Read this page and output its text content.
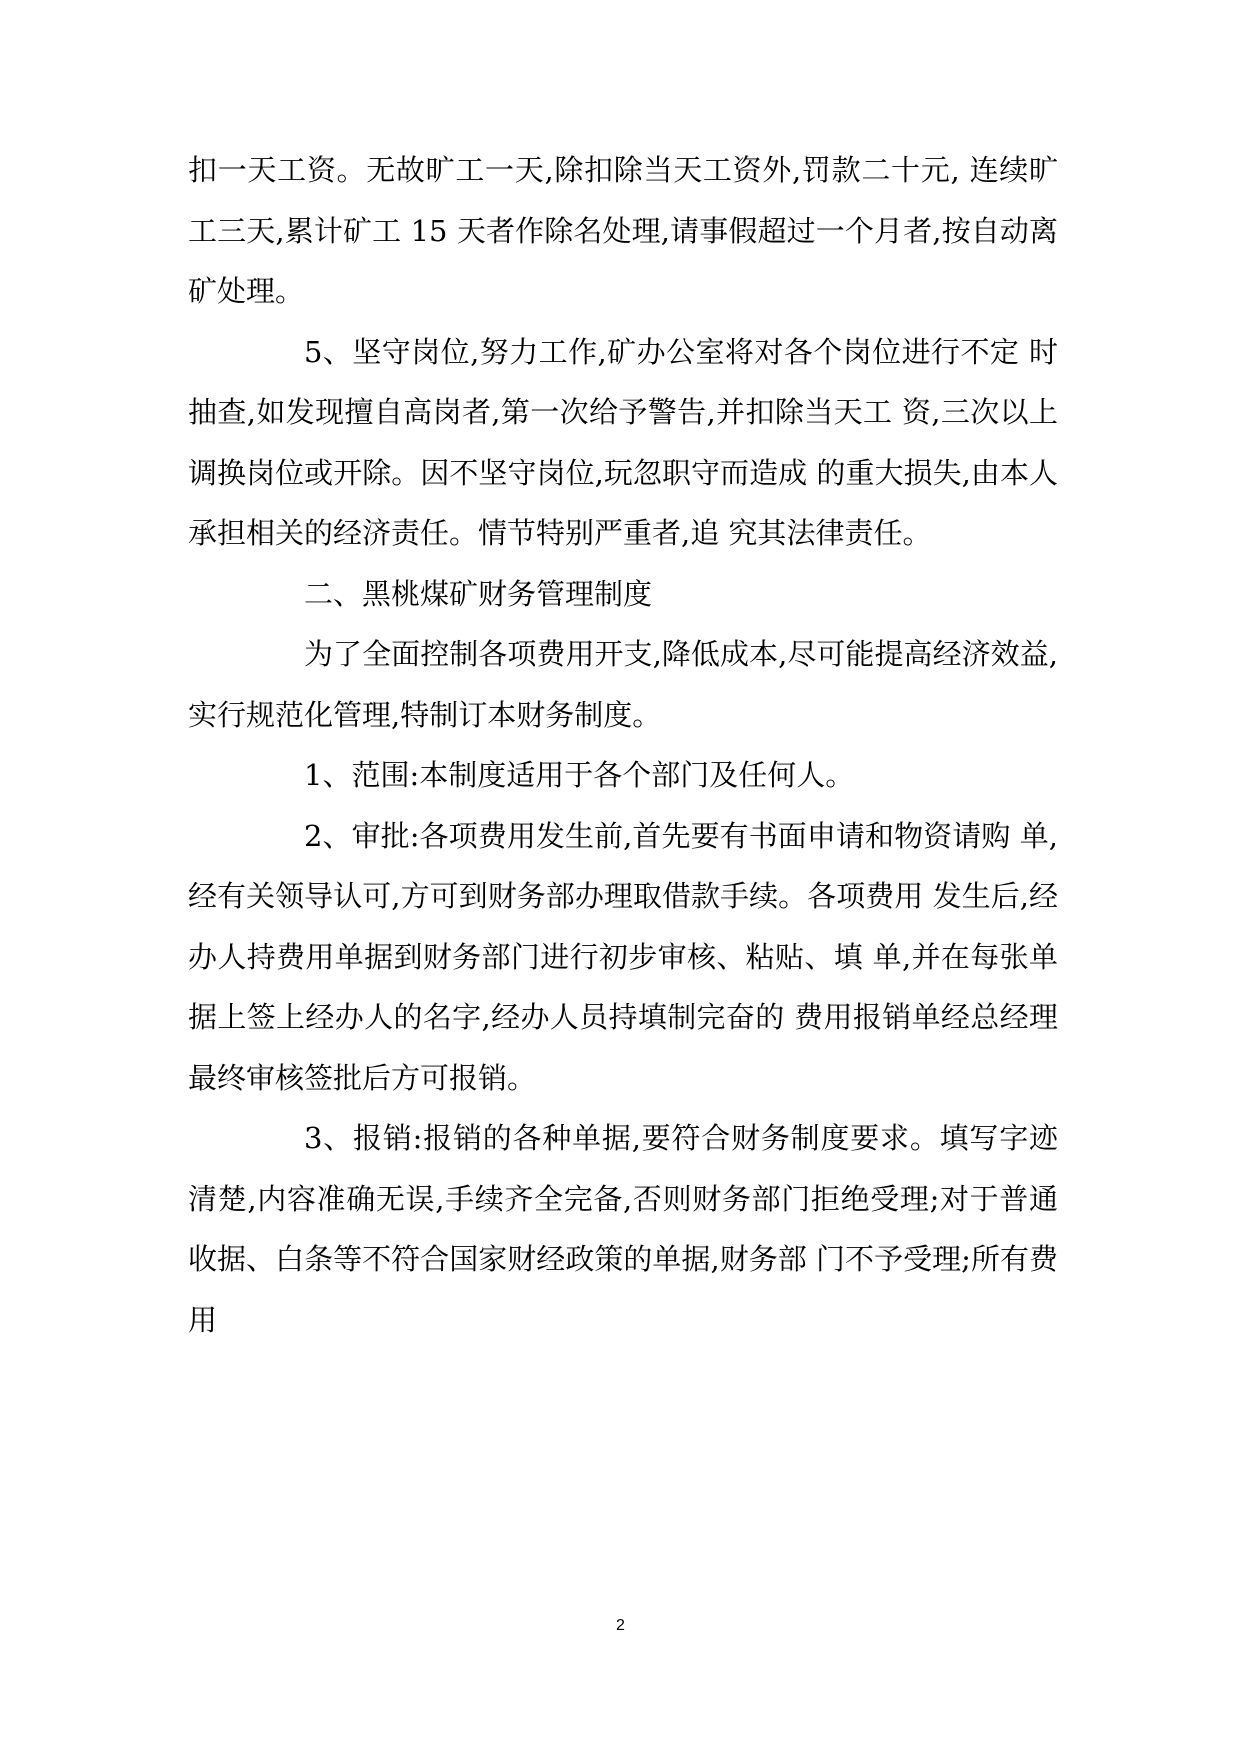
扣一天工资。无故旷工一天,除扣除当天工资外,罚款二十元, 连续旷工三天,累计矿工 15 天者作除名处理,请事假超过一个月者,按自动离矿处理。

5、坚守岗位,努力工作,矿办公室将对各个岗位进行不定 时抽查,如发现擅自高岗者,第一次给予警告,并扣除当天工 资,三次以上调换岗位或开除。因不坚守岗位,玩忽职守而造成 的重大损失,由本人承担相关的经济责任。情节特别严重者,追 究其法律责任。

二、黑桃煤矿财务管理制度

为了全面控制各项费用开支,降低成本,尽可能提高经济效益,实行规范化管理,特制订本财务制度。

1、范围:本制度适用于各个部门及任何人。

2、审批:各项费用发生前,首先要有书面申请和物资请购 单,经有关领导认可,方可到财务部办理取借款手续。各项费用 发生后,经办人持费用单据到财务部门进行初步审核、粘贴、填 单,并在每张单据上签上经办人的名字,经办人员持填制完奋的 费用报销单经总经理最终审核签批后方可报销。

3、报销:报销的各种单据,要符合财务制度要求。填写字迹清楚,内容准确无误,手续齐全完备,否则财务部门拒绝受理;对于普通收据、白条等不符合国家财经政策的单据,财务部 门不予受理;所有费用

2
